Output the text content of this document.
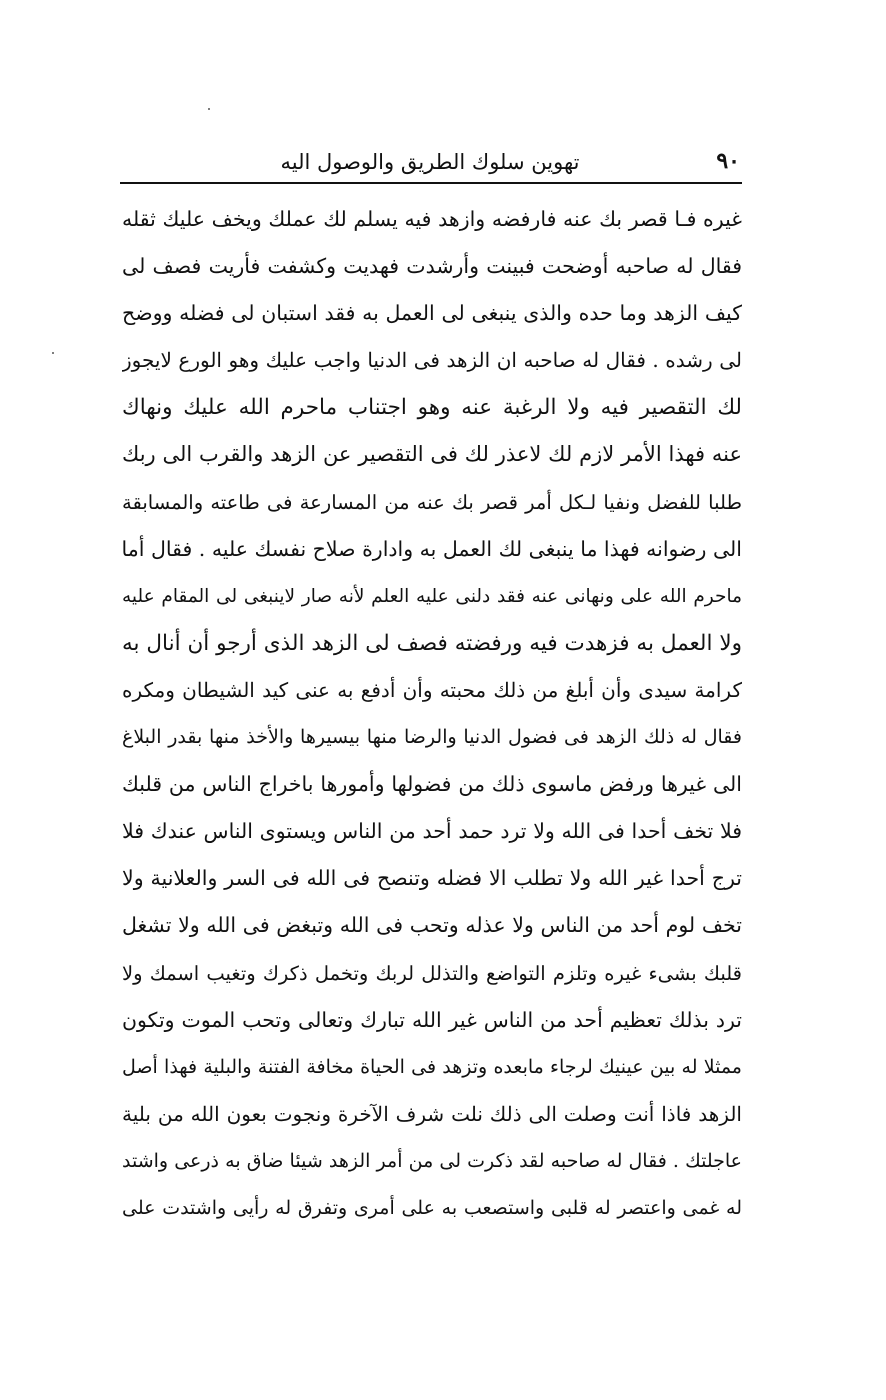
٩٠
تهوين سلوك الطريق والوصول اليه
غيره فـا قصر بك عنه فارفضه وازهد فيه يسلم لك عملك ويخف عليك ثقله
فقال له صاحبه أوضحت فبينت وأرشدت فهديت وكشفت فأريت فصف لى
كيف الزهد وما حده والذى ينبغى لى العمل به فقد استبان لى فضله ووضح
لى رشده . فقال له صاحبه ان الزهد فى الدنيا واجب عليك وهو الورع لايجوز
لك التقصير فيه ولا الرغبة عنه وهو اجتناب ماحرم الله عليك ونهاك
عنه فهذا الأمر لازم لك لاعذر لك فى التقصير عن الزهد والقرب الى ربك
طلبا للفضل ونفيا لـكل أمر قصر بك عنه من المسارعة فى طاعته والمسابقة
الى رضوانه فهذا ما ينبغى لك العمل به وادارة صلاح نفسك عليه . فقال أما
ماحرم الله على ونهانى عنه فقد دلنى عليه العلم لأنه صار لاينبغى لى المقام عليه
ولا العمل به فزهدت فيه ورفضته فصف لى الزهد الذى أرجو أن أنال به
كرامة سيدى وأن أبلغ من ذلك محبته وأن أدفع به عنى كيد الشيطان ومكره
فقال له ذلك الزهد فى فضول الدنيا والرضا منها بيسيرها والأخذ منها بقدر البلاغ
الى غيرها ورفض ماسوى ذلك من فضولها وأمورها باخراج الناس من قلبك
فلا تخف أحدا فى الله ولا ترد حمد أحد من الناس ويستوى الناس عندك فلا
ترج أحدا غير الله ولا تطلب الا فضله وتنصح فى الله فى السر والعلانية ولا
تخف لوم أحد من الناس ولا عذله وتحب فى الله وتبغض فى الله ولا تشغل
قلبك بشىء غيره وتلزم التواضع والتذلل لربك وتخمل ذكرك وتغيب اسمك ولا
ترد بذلك تعظيم أحد من الناس غير الله تبارك وتعالى وتحب الموت وتكون
ممثلا له بين عينيك لرجاء مابعده وتزهد فى الحياة مخافة الفتنة والبلية فهذا أصل
الزهد فاذا أنت وصلت الى ذلك نلت شرف الآخرة ونجوت بعون الله من بلية
عاجلتك . فقال له صاحبه لقد ذكرت لى من أمر الزهد شيئا ضاق به ذرعى واشتد
له غمى واعتصر له قلبى واستصعب به على أمرى وتفرق له رأيى واشتدت على
